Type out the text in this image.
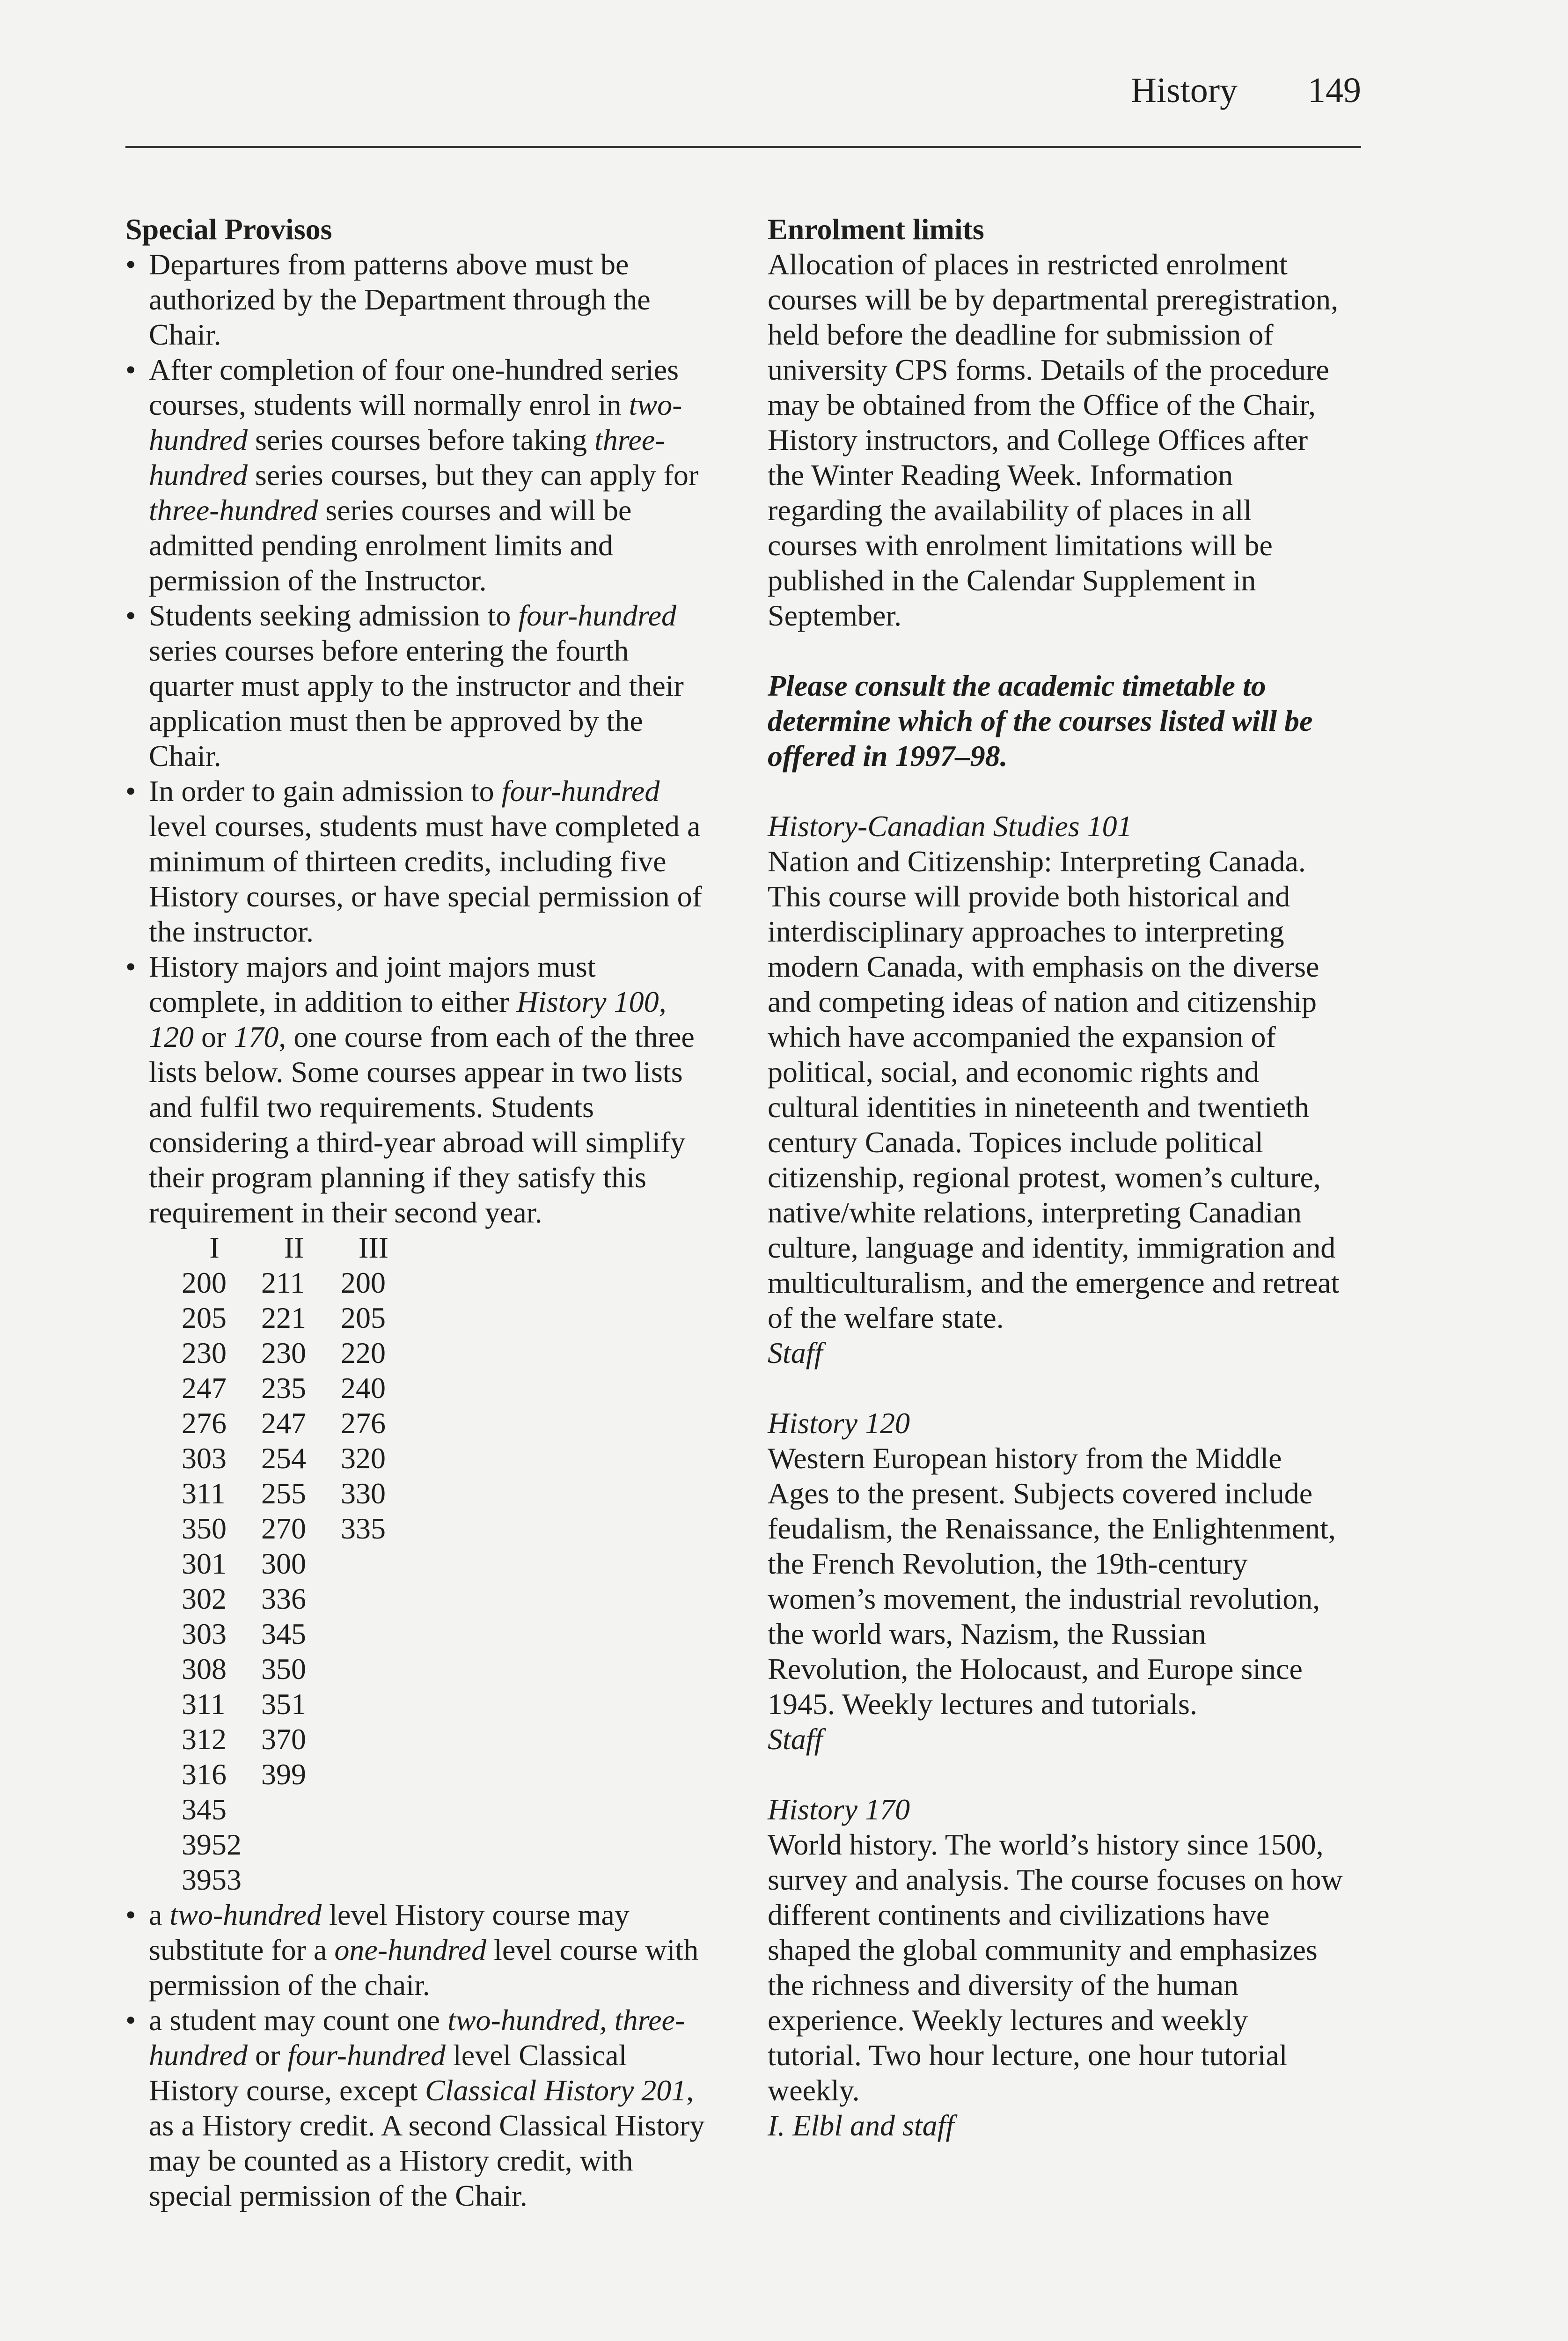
History 149

Special Provisos

• Departures from patterns above must be authorized by the Department through the Chair.
• After completion of four one-hundred series courses, students will normally enrol in two-hundred series courses before taking three-hundred series courses, but they can apply for three-hundred series courses and will be admitted pending enrolment limits and permission of the Instructor.
• Students seeking admission to four-hundred series courses before entering the fourth quarter must apply to the instructor and their application must then be approved by the Chair.
• In order to gain admission to four-hundred level courses, students must have completed a minimum of thirteen credits, including five History courses, or have special permission of the instructor.
• History majors and joint majors must complete, in addition to either History 100, 120 or 170, one course from each of the three lists below. Some courses appear in two lists and fulfil two requirements. Students considering a third-year abroad will simplify their program planning if they satisfy this requirement in their second year.
I	II	III
200	211	200
205	221	205
230	230	220
247	235	240
276	247	276
303	254	320
311	255	330
350	270	335
301	300	
302	336	
303	345	
308	350	
311	351	
312	370	
316	399	
345		
3952		
3953		
• a two-hundred level History course may substitute for a one-hundred level course with permission of the chair.
• a student may count one two-hundred, three-hundred or four-hundred level Classical History course, except Classical History 201, as a History credit. A second Classical History may be counted as a History credit, with special permission of the Chair.

Enrolment limits

Allocation of places in restricted enrolment courses will be by departmental preregistration, held before the deadline for submission of university CPS forms. Details of the procedure may be obtained from the Office of the Chair, History instructors, and College Offices after the Winter Reading Week. Information regarding the availability of places in all courses with enrolment limitations will be published in the Calendar Supplement in September.

Please consult the academic timetable to determine which of the courses listed will be offered in 1997–98.

History-Canadian Studies 101

Nation and Citizenship: Interpreting Canada. This course will provide both historical and interdisciplinary approaches to interpreting modern Canada, with emphasis on the diverse and competing ideas of nation and citizenship which have accompanied the expansion of political, social, and economic rights and cultural identities in nineteenth and twentieth century Canada. Topices include political citizenship, regional protest, women’s culture, native/white relations, interpreting Canadian culture, language and identity, immigration and multiculturalism, and the emergence and retreat of the welfare state.

Staff

History 120

Western European history from the Middle Ages to the present. Subjects covered include feudalism, the Renaissance, the Enlightenment, the French Revolution, the 19th-century women’s movement, the industrial revolution, the world wars, Nazism, the Russian Revolution, the Holocaust, and Europe since 1945. Weekly lectures and tutorials.

Staff

History 170

World history. The world’s history since 1500, survey and analysis. The course focuses on how different continents and civilizations have shaped the global community and emphasizes the richness and diversity of the human experience. Weekly lectures and weekly tutorial. Two hour lecture, one hour tutorial weekly.

I. Elbl and staff
